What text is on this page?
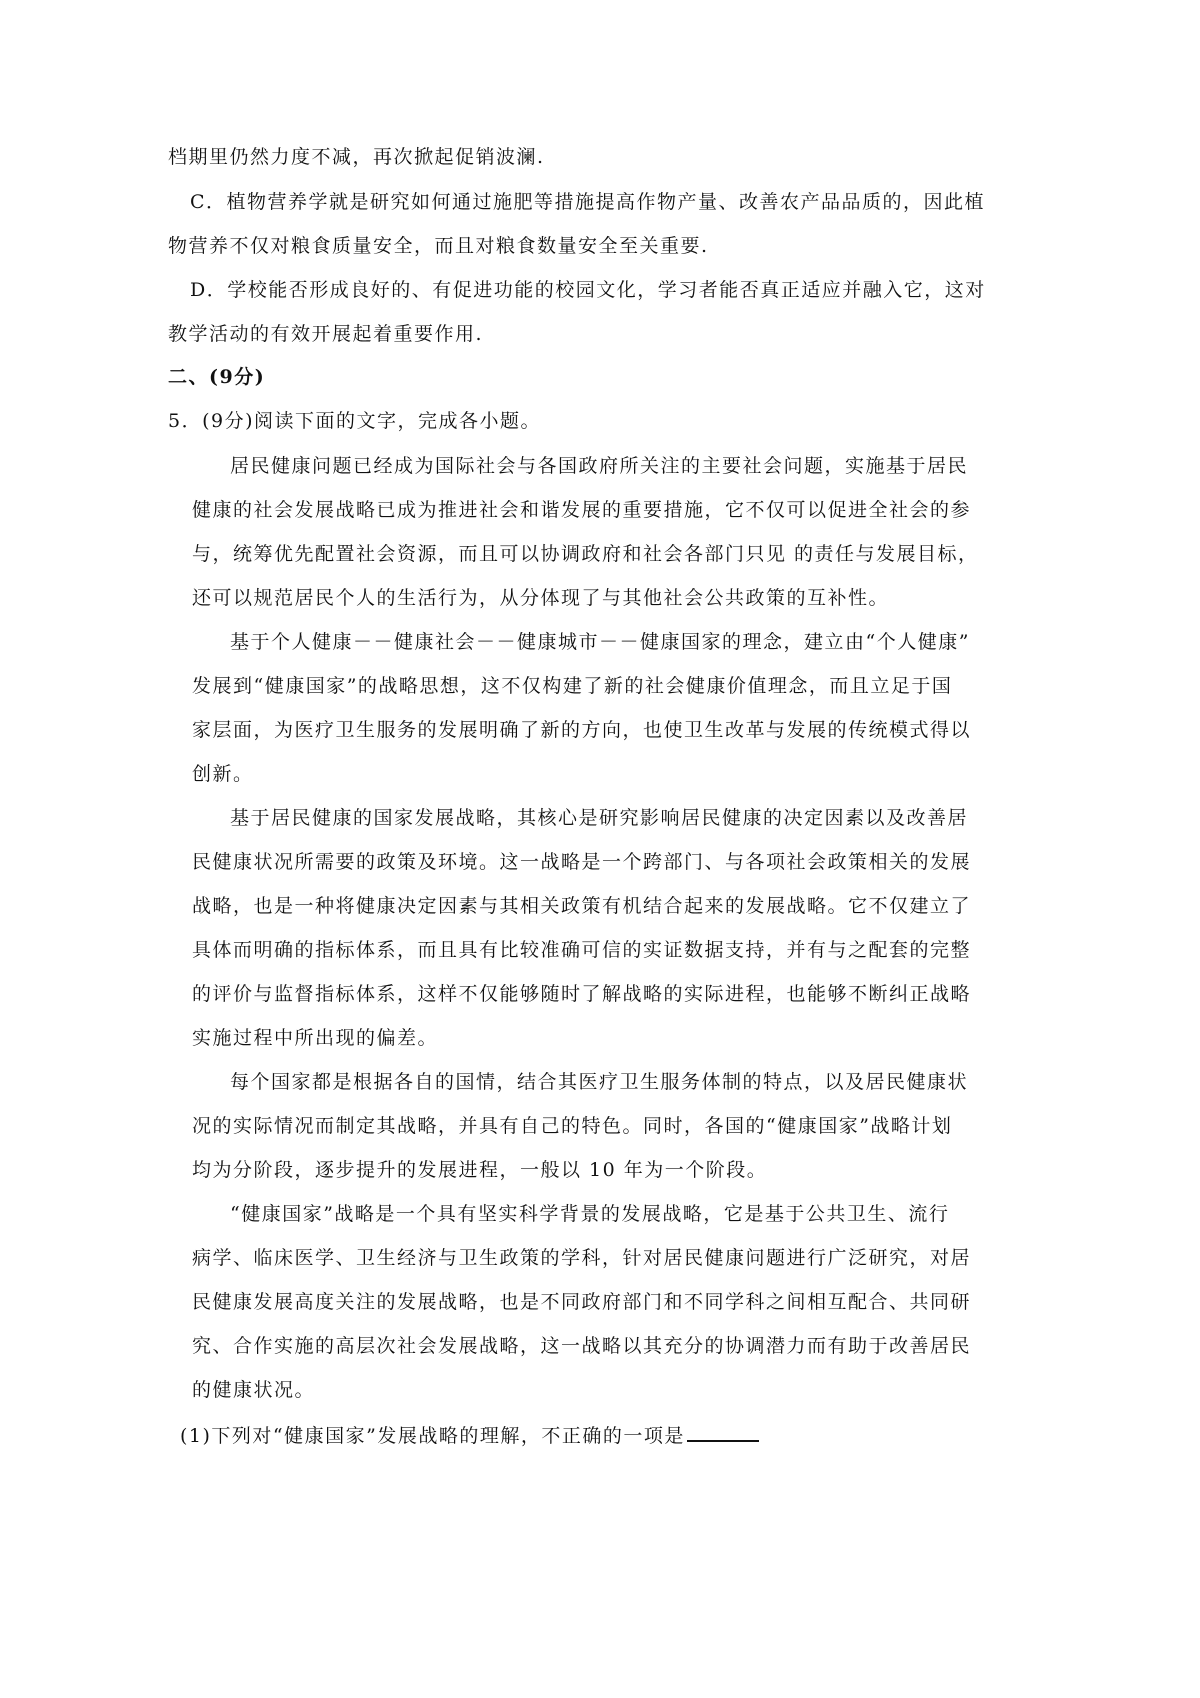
档期里仍然力度不减，再次掀起促销波澜.
C．植物营养学就是研究如何通过施肥等措施提高作物产量、改善农产品品质的，因此植
物营养不仅对粮食质量安全，而且对粮食数量安全至关重要.
D．学校能否形成良好的、有促进功能的校园文化，学习者能否真正适应并融入它，这对
教学活动的有效开展起着重要作用.
二、(9分)
5．(9分)阅读下面的文字，完成各小题。
居民健康问题已经成为国际社会与各国政府所关注的主要社会问题，实施基于居民
健康的社会发展战略已成为推进社会和谐发展的重要措施，它不仅可以促进全社会的参
与，统筹优先配置社会资源，而且可以协调政府和社会各部门只见 的责任与发展目标，
还可以规范居民个人的生活行为，从分体现了与其他社会公共政策的互补性。
基于个人健康－－健康社会－－健康城市－－健康国家的理念，建立由“个人健康”
发展到“健康国家”的战略思想，这不仅构建了新的社会健康价值理念，而且立足于国
家层面，为医疗卫生服务的发展明确了新的方向，也使卫生改革与发展的传统模式得以
创新。
基于居民健康的国家发展战略，其核心是研究影响居民健康的决定因素以及改善居
民健康状况所需要的政策及环境。这一战略是一个跨部门、与各项社会政策相关的发展
战略，也是一种将健康决定因素与其相关政策有机结合起来的发展战略。它不仅建立了
具体而明确的指标体系，而且具有比较准确可信的实证数据支持，并有与之配套的完整
的评价与监督指标体系，这样不仅能够随时了解战略的实际进程，也能够不断纠正战略
实施过程中所出现的偏差。
每个国家都是根据各自的国情，结合其医疗卫生服务体制的特点，以及居民健康状
况的实际情况而制定其战略，并具有自己的特色。同时，各国的“健康国家”战略计划
均为分阶段，逐步提升的发展进程，一般以 10 年为一个阶段。
“健康国家”战略是一个具有坚实科学背景的发展战略，它是基于公共卫生、流行
病学、临床医学、卫生经济与卫生政策的学科，针对居民健康问题进行广泛研究，对居
民健康发展高度关注的发展战略，也是不同政府部门和不同学科之间相互配合、共同研
究、合作实施的高层次社会发展战略，这一战略以其充分的协调潜力而有助于改善居民
的健康状况。
(1)下列对“健康国家”发展战略的理解，不正确的一项是
